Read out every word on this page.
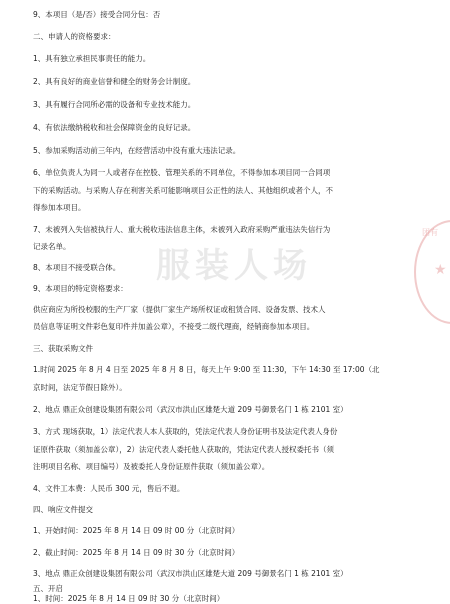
9、本项目（是/否）接受合同分包：否
二、申请人的资格要求：
1、具有独立承担民事责任的能力。
2、具有良好的商业信誉和健全的财务会计制度。
3、具有履行合同所必需的设备和专业技术能力。
4、有依法缴纳税收和社会保障资金的良好记录。
5、参加采购活动前三年内，在经营活动中没有重大违法记录。
6、单位负责人为同一人或者存在控股、管理关系的不同单位，不得参加本项目同一合同项
下的采购活动。与采购人存在利害关系可能影响项目公正性的法人、其他组织或者个人，不
得参加本项目。
7、未被列入失信被执行人、重大税收违法信息主体，未被列入政府采购严重违法失信行为
记录名单。
8、本项目不接受联合体。
9、本项目的特定资格要求：
供应商应为所投校服的生产厂家（提供厂家生产场所权证或租赁合同、设备发票、技术人
员信息等证明文件彩色复印件并加盖公章），不接受二级代理商，经销商参加本项目。
三、获取采购文件
1.时间 2025 年 8 月 4 日至 2025 年 8 月 8 日，每天上午 9:00 至 11:30，下午 14:30 至 17:00（北
京时间，法定节假日除外）。
2、地点 鼎正众创建设集团有限公司（武汉市洪山区雄楚大道 209 号御景名门 1 栋 2101 室）
3、方式 现场获取，1）法定代表人本人获取的，凭法定代表人身份证明书及法定代表人身份
证原件获取（须加盖公章），2）法定代表人委托他人获取的，凭法定代表人授权委托书（须
注明项目名称、项目编号）及被委托人身份证原件获取（须加盖公章）。
4、文件工本费：人民币 300 元，售后不退。
四、响应文件提交
1、开始时间：2025 年 8 月 14 日 09 时 00 分（北京时间）
2、截止时间：2025 年 8 月 14 日 09 时 30 分（北京时间）
3、地点 鼎正众创建设集团有限公司（武汉市洪山区雄楚大道 209 号御景名门 1 栋 2101 室）
五、开启
1、时间：2025 年 8 月 14 日 09 时 30 分（北京时间）
服装人场
团有
★
